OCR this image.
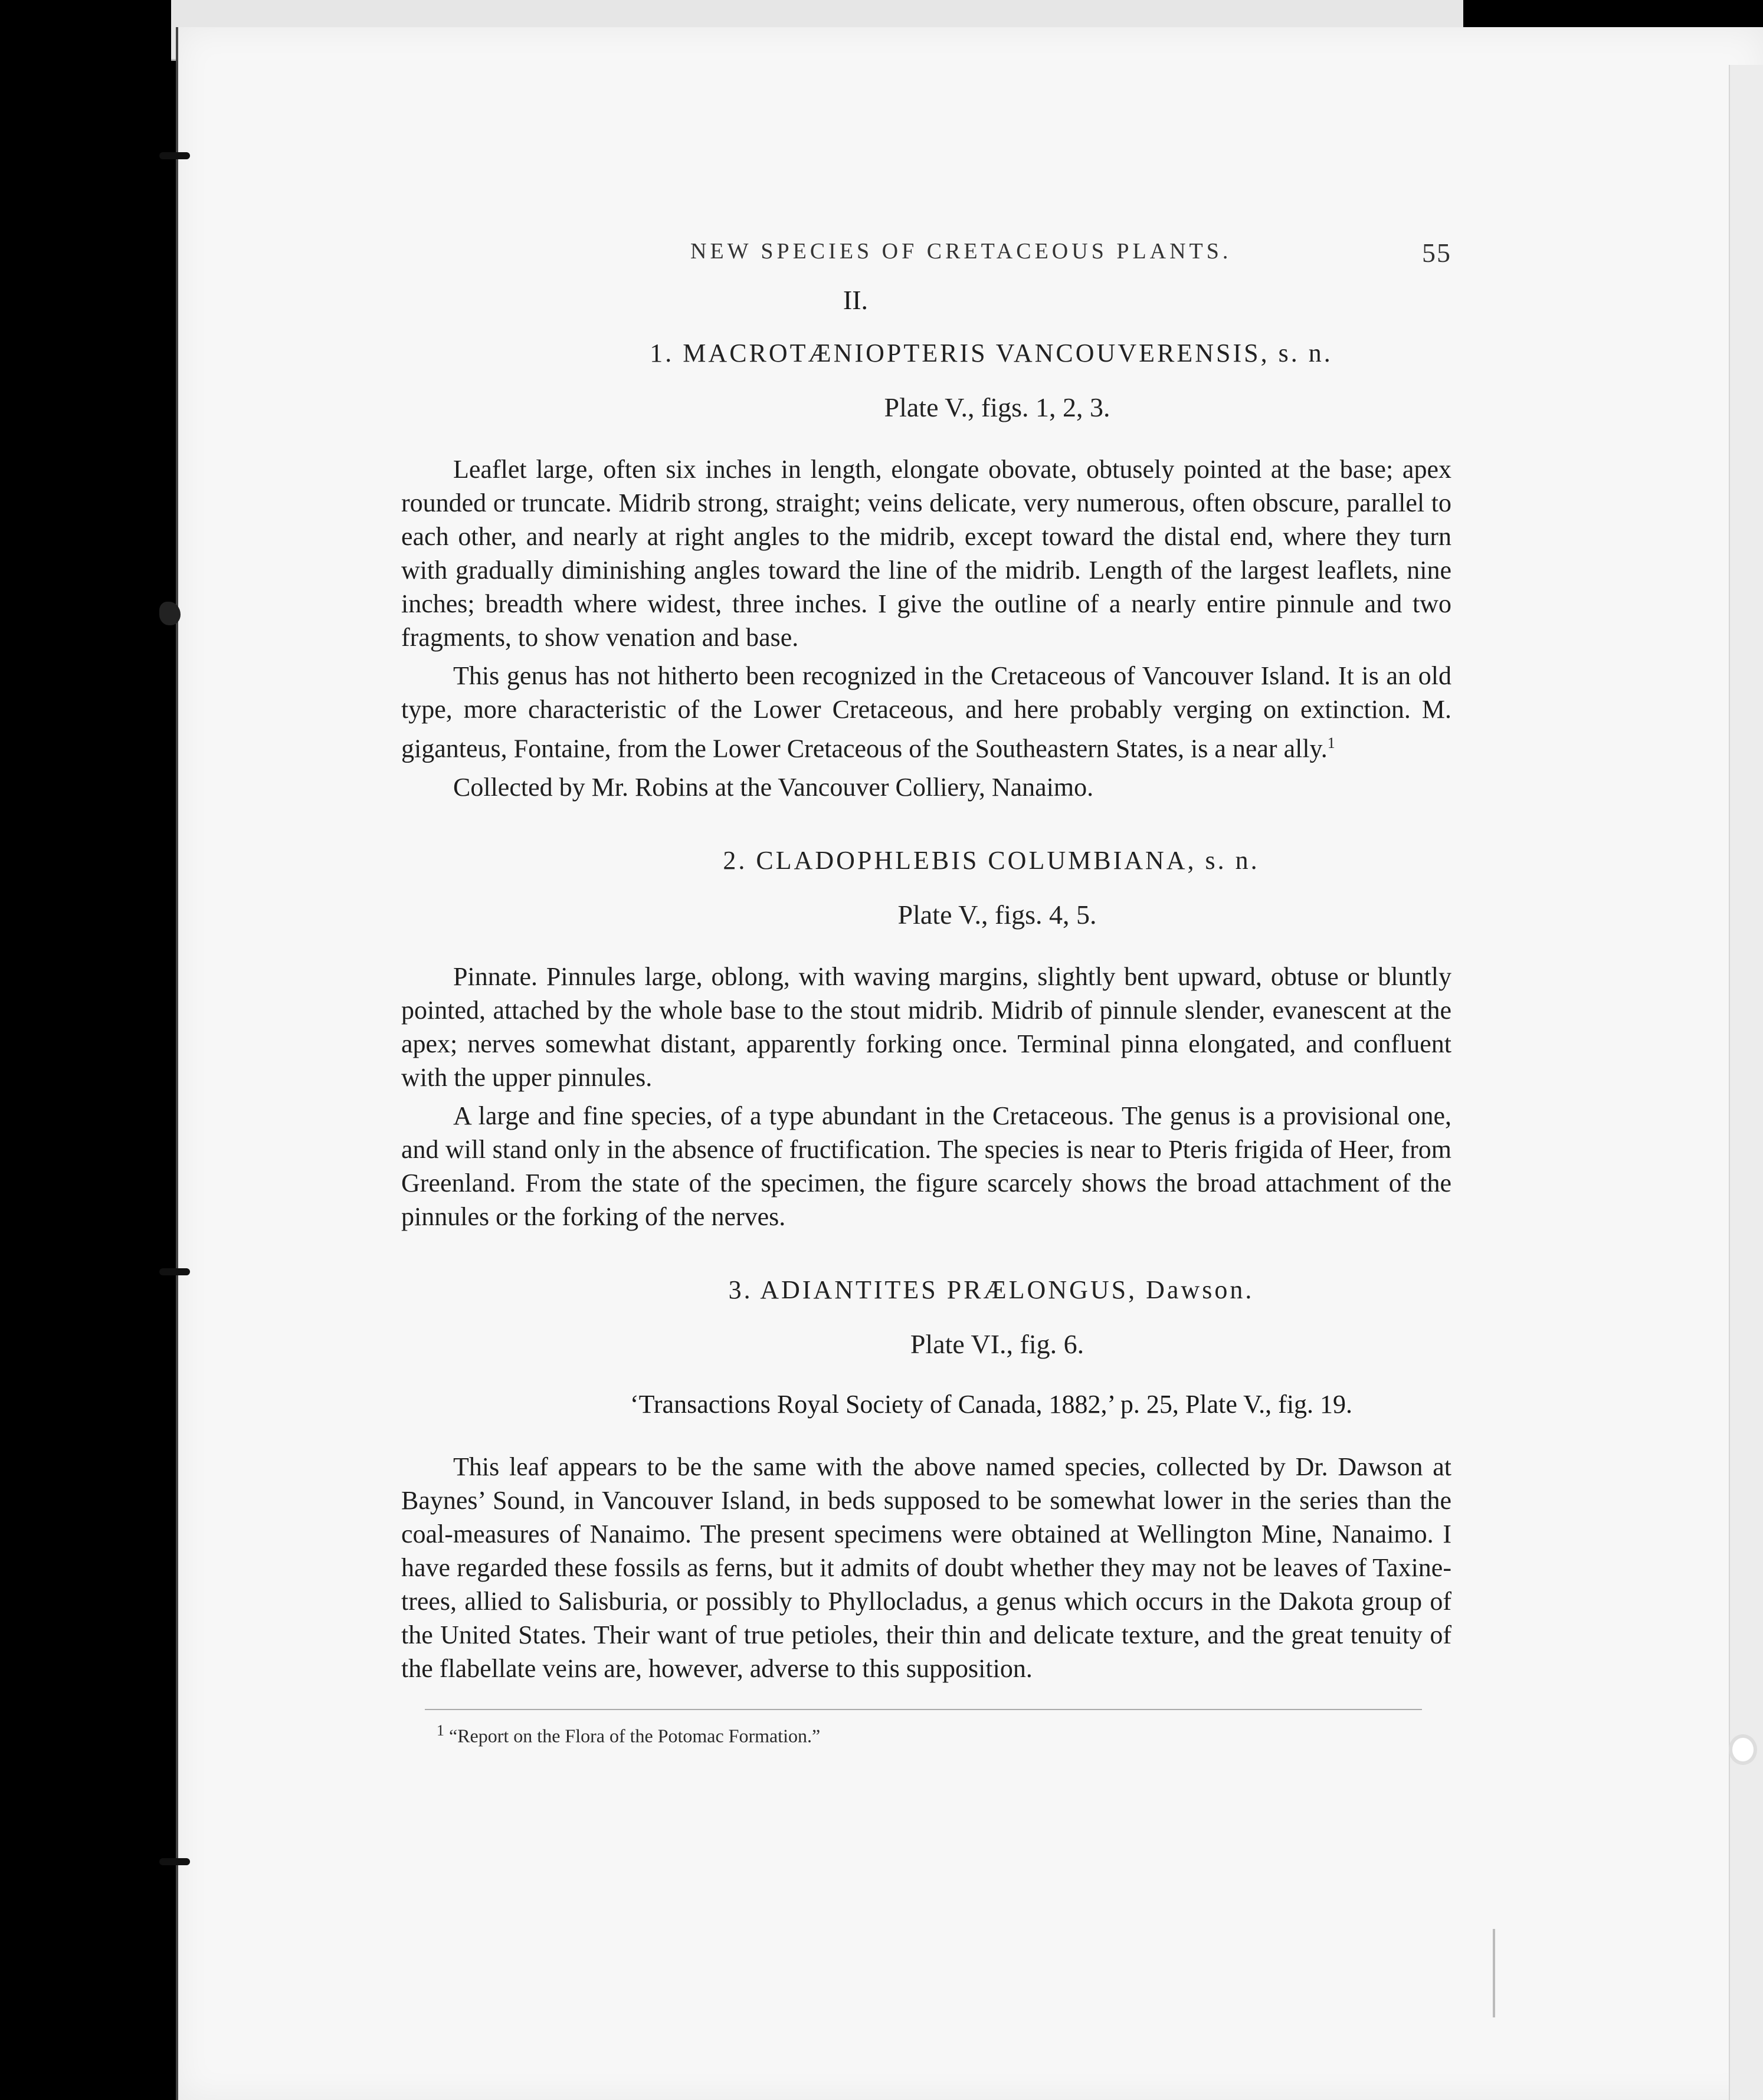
NEW SPECIES OF CRETACEOUS PLANTS.	55
II.
1. MACROTÆNIOPTERIS VANCOUVERENSIS, s. n.
Plate V., figs. 1, 2, 3.

Leaflet large, often six inches in length, elongate obovate, obtusely pointed at the base; apex rounded or truncate. Midrib strong, straight; veins delicate, very numerous, often obscure, parallel to each other, and nearly at right angles to the midrib, except toward the distal end, where they turn with gradually diminishing angles toward the line of the midrib. Length of the largest leaflets, nine inches; breadth where widest, three inches. I give the outline of a nearly entire pinnule and two fragments, to show venation and base.

This genus has not hitherto been recognized in the Cretaceous of Vancouver Island. It is an old type, more characteristic of the Lower Cretaceous, and here probably verging on extinction. M. giganteus, Fontaine, from the Lower Cretaceous of the Southeastern States, is a near ally.$^1$

Collected by Mr. Robins at the Vancouver Colliery, Nanaimo.

2. CLADOPHLEBIS COLUMBIANA, s. n.
Plate V., figs. 4, 5.

Pinnate. Pinnules large, oblong, with waving margins, slightly bent upward, obtuse or bluntly pointed, attached by the whole base to the stout midrib. Midrib of pinnule slender, evanescent at the apex; nerves somewhat distant, apparently forking once. Terminal pinna elongated, and confluent with the upper pinnules.

A large and fine species, of a type abundant in the Cretaceous. The genus is a provisional one, and will stand only in the absence of fructification. The species is near to Pteris frigida of Heer, from Greenland. From the state of the specimen, the figure scarcely shows the broad attachment of the pinnules or the forking of the nerves.

3. ADIANTITES PRÆLONGUS, Dawson.
Plate VI., fig. 6.
‘Transactions Royal Society of Canada, 1882,’ p. 25, Plate V., fig. 19.

This leaf appears to be the same with the above named species, collected by Dr. Dawson at Baynes’ Sound, in Vancouver Island, in beds supposed to be somewhat lower in the series than the coal-measures of Nanaimo. The present specimens were obtained at Wellington Mine, Nanaimo. I have regarded these fossils as ferns, but it admits of doubt whether they may not be leaves of Taxine-trees, allied to Salisburia, or possibly to Phyllocladus, a genus which occurs in the Dakota group of the United States. Their want of true petioles, their thin and delicate texture, and the great tenuity of the flabellate veins are, however, adverse to this supposition.

$^1$ “Report on the Flora of the Potomac Formation.”
